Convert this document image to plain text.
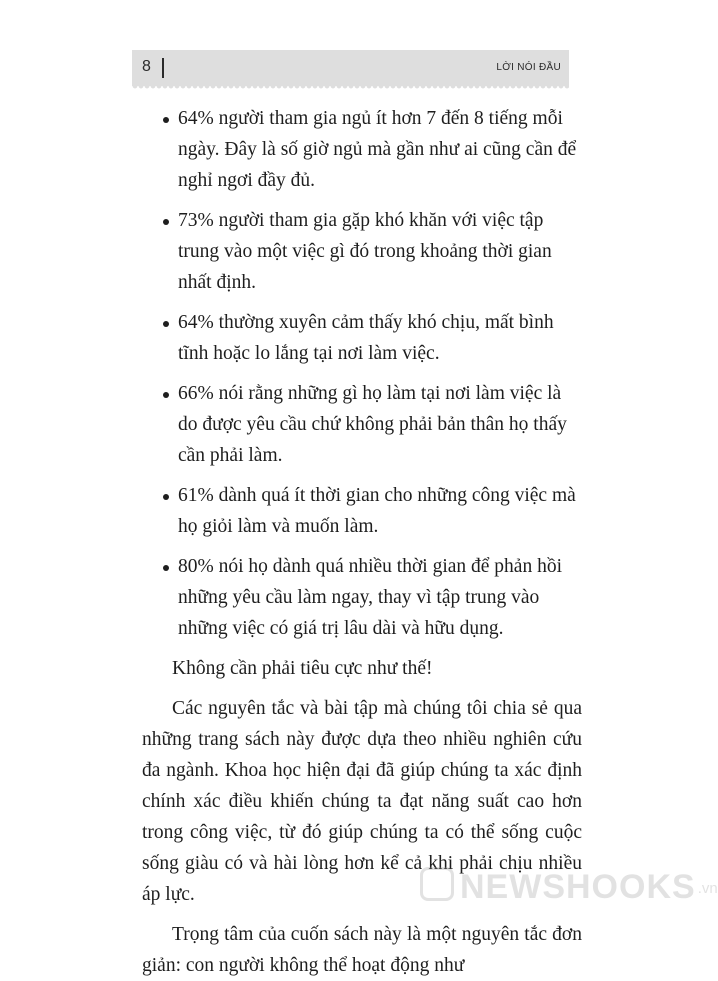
8	LỜI NÓI ĐẦU
64% người tham gia ngủ ít hơn 7 đến 8 tiếng mỗi ngày. Đây là số giờ ngủ mà gần như ai cũng cần để nghỉ ngơi đầy đủ.
73% người tham gia gặp khó khăn với việc tập trung vào một việc gì đó trong khoảng thời gian nhất định.
64% thường xuyên cảm thấy khó chịu, mất bình tĩnh hoặc lo lắng tại nơi làm việc.
66% nói rằng những gì họ làm tại nơi làm việc là do được yêu cầu chứ không phải bản thân họ thấy cần phải làm.
61% dành quá ít thời gian cho những công việc mà họ giỏi làm và muốn làm.
80% nói họ dành quá nhiều thời gian để phản hồi những yêu cầu làm ngay, thay vì tập trung vào những việc có giá trị lâu dài và hữu dụng.

Không cần phải tiêu cực như thế!

Các nguyên tắc và bài tập mà chúng tôi chia sẻ qua những trang sách này được dựa theo nhiều nghiên cứu đa ngành. Khoa học hiện đại đã giúp chúng ta xác định chính xác điều khiến chúng ta đạt năng suất cao hơn trong công việc, từ đó giúp chúng ta có thể sống cuộc sống giàu có và hài lòng hơn kể cả khi phải chịu nhiều áp lực.

Trọng tâm của cuốn sách này là một nguyên tắc đơn giản: con người không thể hoạt động như

NEWSHOOKS .vn
